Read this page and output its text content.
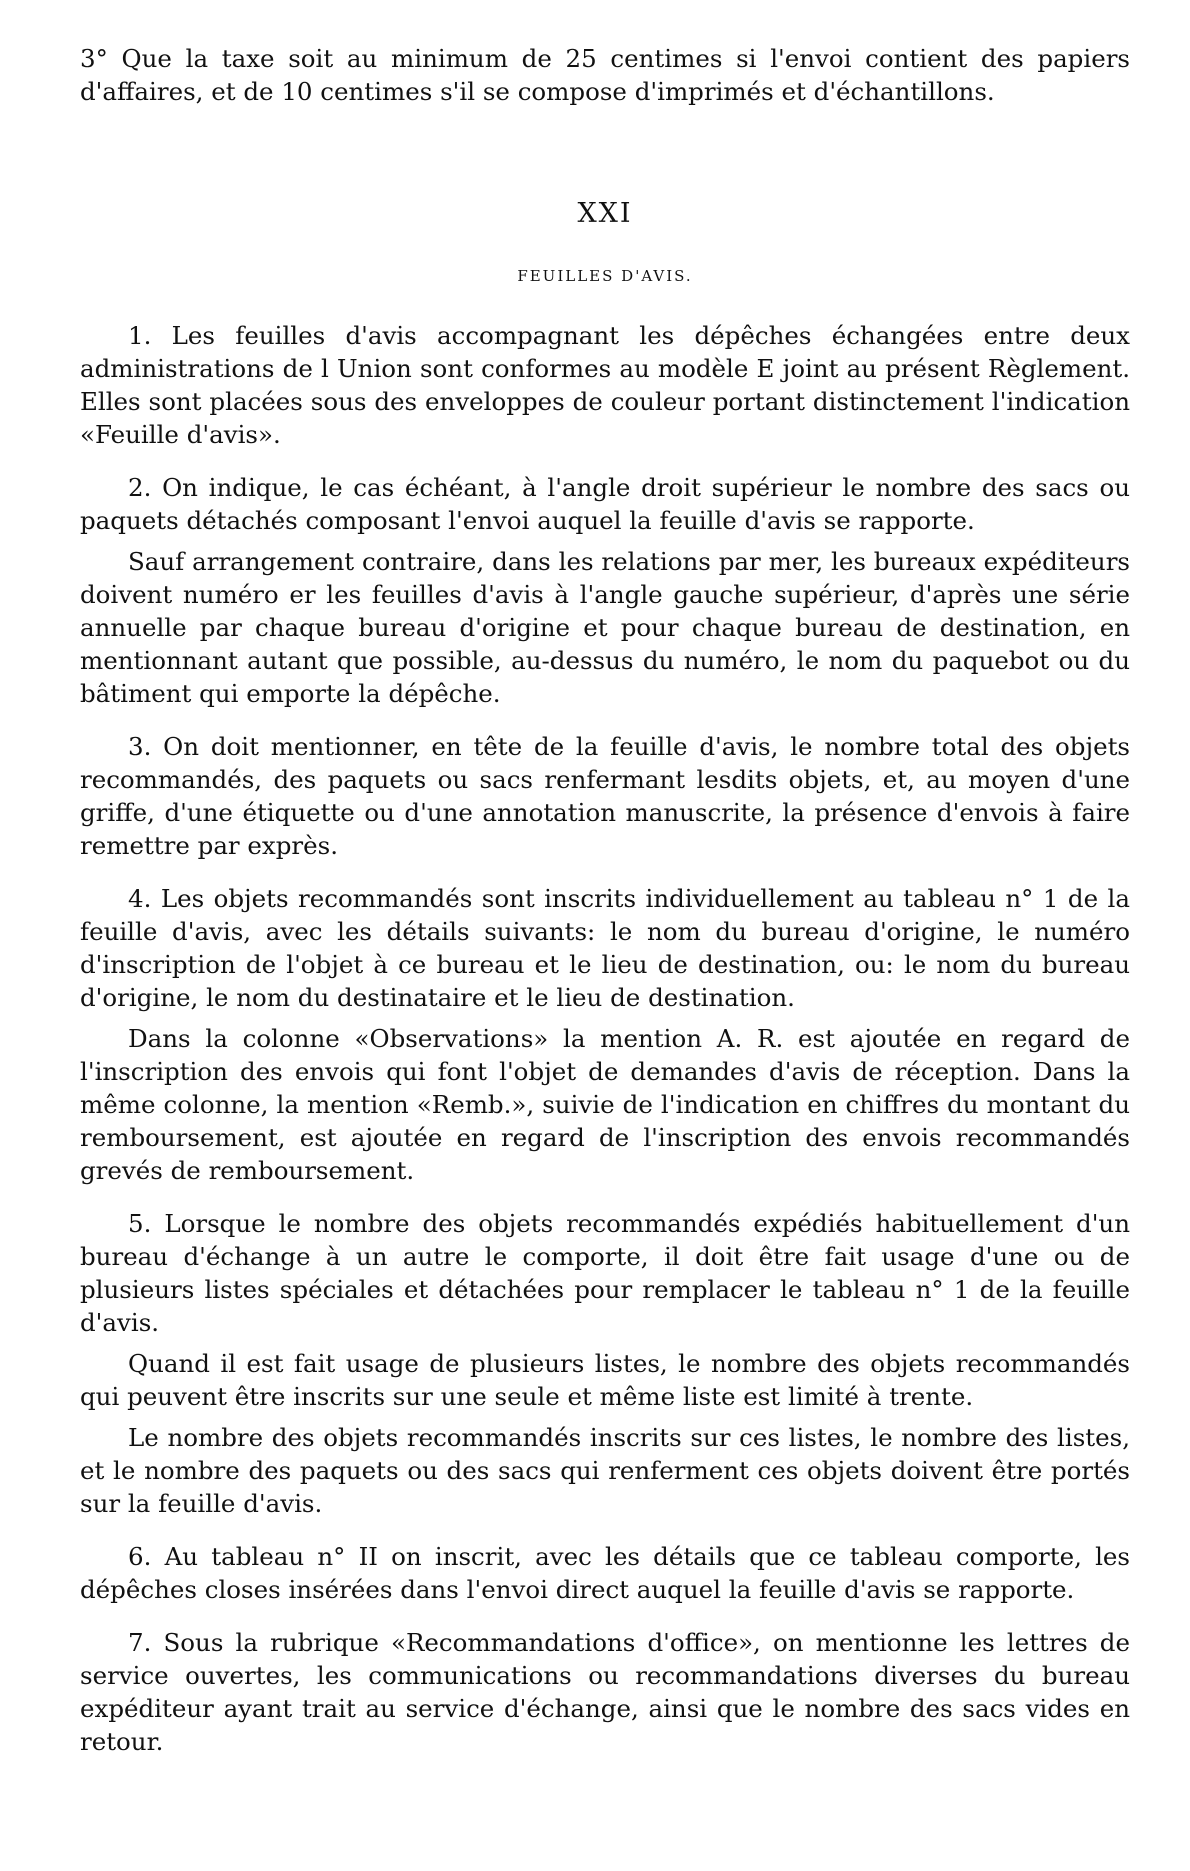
3° Que la taxe soit au minimum de 25 centimes si l'envoi contient des papiers d'affaires, et de 10 centimes s'il se compose d'imprimés et d'échantillons.

XXI
FEUILLES D'AVIS.

1. Les feuilles d'avis accompagnant les dépêches échangées entre deux administrations de l Union sont conformes au modèle E joint au présent Règlement. Elles sont placées sous des enveloppes de couleur portant distinctement l'indication «Feuille d'avis».

2. On indique, le cas échéant, à l'angle droit supérieur le nombre des sacs ou paquets détachés composant l'envoi auquel la feuille d'avis se rapporte.

Sauf arrangement contraire, dans les relations par mer, les bureaux expéditeurs doivent numéro er les feuilles d'avis à l'angle gauche supérieur, d'après une série annuelle par chaque bureau d'origine et pour chaque bureau de destination, en mentionnant autant que possible, au-dessus du numéro, le nom du paquebot ou du bâtiment qui emporte la dépêche.

3. On doit mentionner, en tête de la feuille d'avis, le nombre total des objets recommandés, des paquets ou sacs renfermant lesdits objets, et, au moyen d'une griffe, d'une étiquette ou d'une annotation manuscrite, la présence d'envois à faire remettre par exprès.

4. Les objets recommandés sont inscrits individuellement au tableau n° 1 de la feuille d'avis, avec les détails suivants: le nom du bureau d'origine, le numéro d'inscription de l'objet à ce bureau et le lieu de destination, ou: le nom du bureau d'origine, le nom du destinataire et le lieu de destination.

Dans la colonne «Observations» la mention A. R. est ajoutée en regard de l'inscription des envois qui font l'objet de demandes d'avis de réception. Dans la même colonne, la mention «Remb.», suivie de l'indication en chiffres du montant du remboursement, est ajoutée en regard de l'inscription des envois recommandés grevés de remboursement.

5. Lorsque le nombre des objets recommandés expédiés habituellement d'un bureau d'échange à un autre le comporte, il doit être fait usage d'une ou de plusieurs listes spéciales et détachées pour remplacer le tableau n° 1 de la feuille d'avis.

Quand il est fait usage de plusieurs listes, le nombre des objets recommandés qui peuvent être inscrits sur une seule et même liste est limité à trente.

Le nombre des objets recommandés inscrits sur ces listes, le nombre des listes, et le nombre des paquets ou des sacs qui renferment ces objets doivent être portés sur la feuille d'avis.

6. Au tableau n° II on inscrit, avec les détails que ce tableau comporte, les dépêches closes insérées dans l'envoi direct auquel la feuille d'avis se rapporte.

7. Sous la rubrique «Recommandations d'office», on mentionne les lettres de service ouvertes, les communications ou recommandations diverses du bureau expéditeur ayant trait au service d'échange, ainsi que le nombre des sacs vides en retour.
